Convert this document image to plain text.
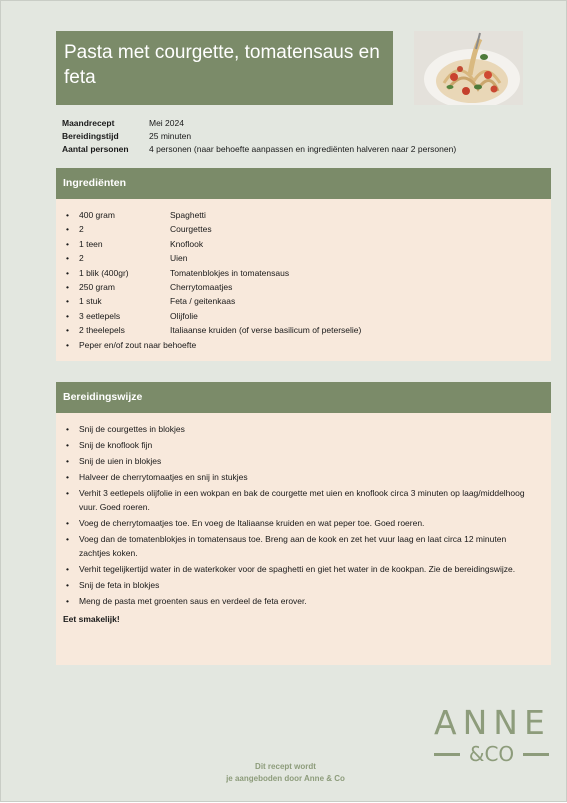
Pasta met courgette, tomatensaus en feta
Maandrecept	Mei 2024
Bereidingstijd	25 minuten
Aantal personen	4 personen (naar behoefte aanpassen en ingrediënten halveren naar 2 personen)
Ingrediënten
•	400 gram	Spaghetti
•	2	Courgettes
•	1 teen	Knoflook
•	2	Uien
•	1 blik (400gr)	Tomatenblokjes in tomatensaus
•	250 gram	Cherrytomaatjes
•	1 stuk	Feta / geitenkaas
•	3 eetlepels	Olijfolie
•	2 theelepels	Italiaanse kruiden (of verse basilicum of peterselie)
•	Peper en/of zout naar behoefte
Bereidingswijze
•	Snij de courgettes in blokjes
•	Snij de knoflook fijn
•	Snij de uien in blokjes
•	Halveer de cherrytomaatjes en snij in stukjes
•	Verhit 3 eetlepels olijfolie in een wokpan en bak de courgette met uien en knoflook circa 3 minuten op laag/middelhoog vuur. Goed roeren.
•	Voeg de cherrytomaatjes toe. En voeg de Italiaanse kruiden en wat peper toe. Goed roeren.
•	Voeg dan de tomatenblokjes in tomatensaus toe. Breng aan de kook en zet het vuur laag en laat circa 12 minuten zachtjes koken.
•	Verhit tegelijkertijd water in de waterkoker voor de spaghetti en giet het water in de kookpan. Zie de bereidingswijze.
•	Snij de feta in blokjes
•	Meng de pasta met groenten saus en verdeel de feta erover.
Eet smakelijk!
ANNE
&CO
Dit recept wordt
je aangeboden door Anne & Co
